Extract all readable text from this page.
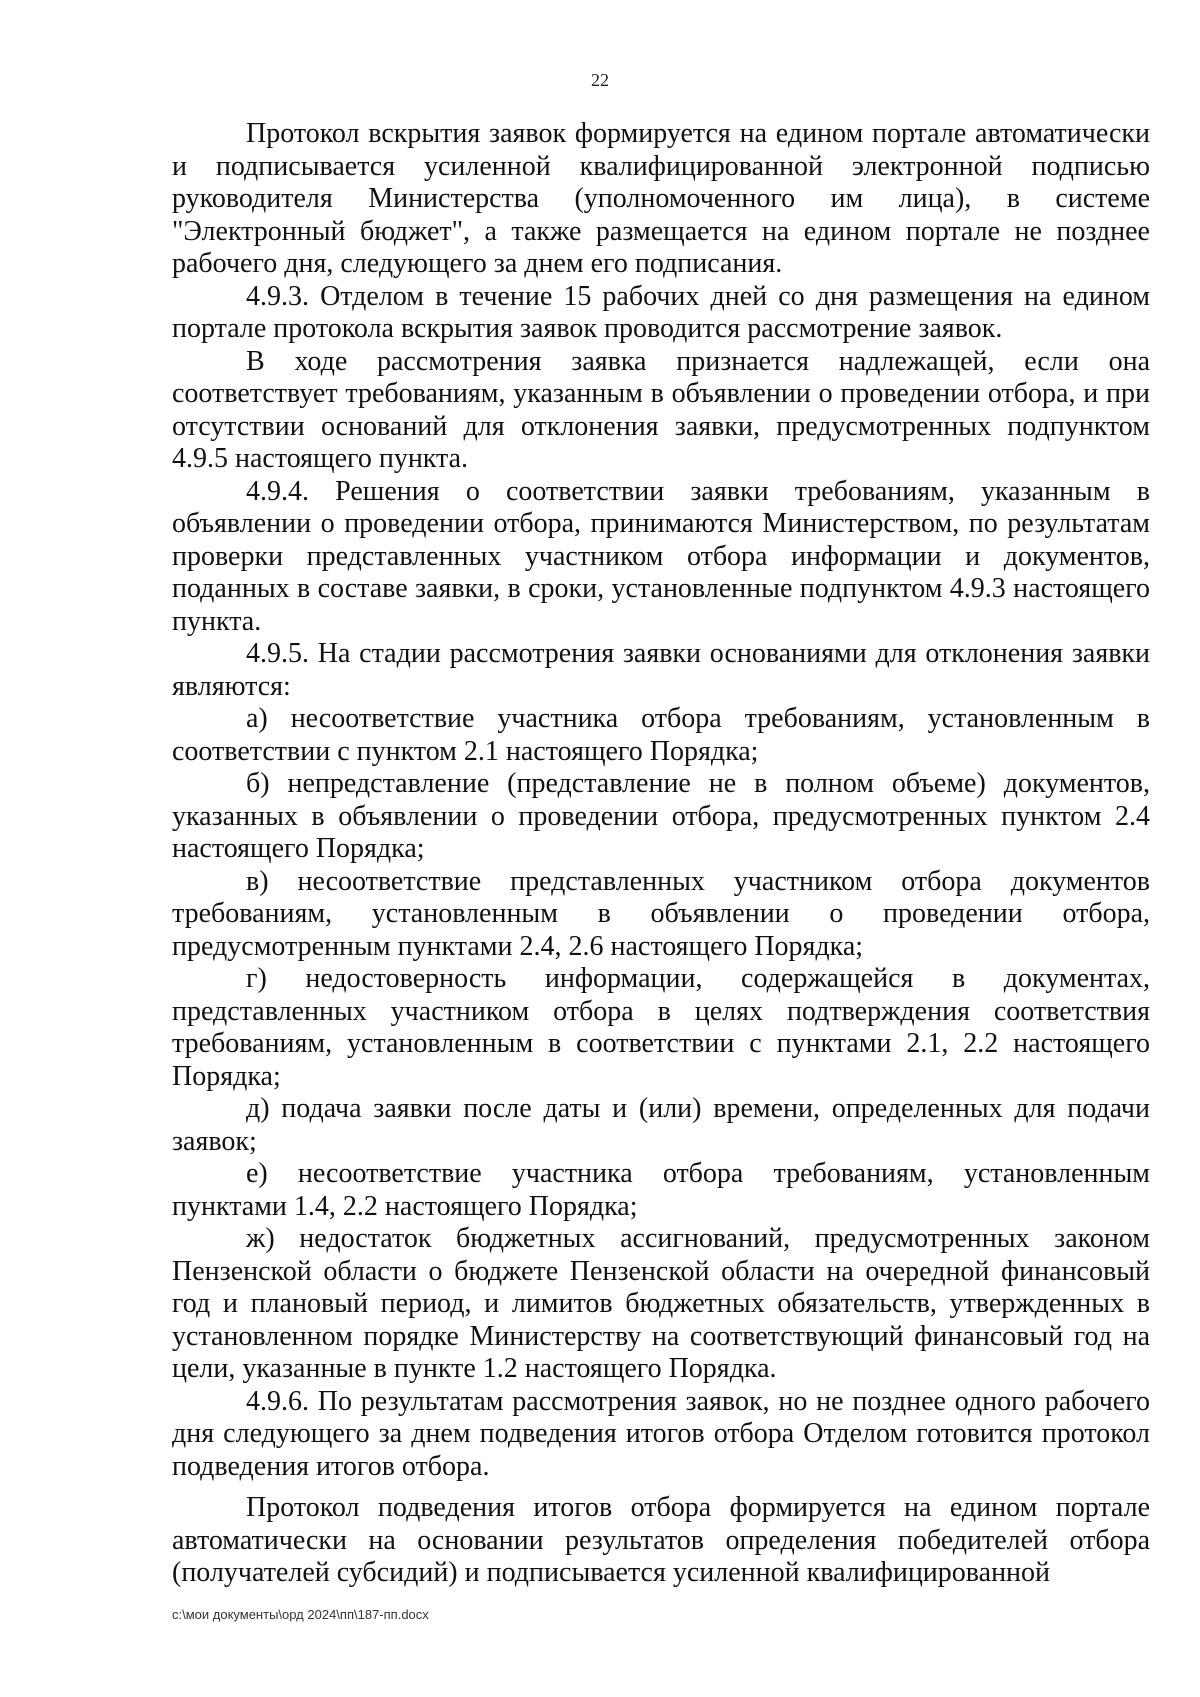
22

Протокол вскрытия заявок формируется на едином портале автоматически и подписывается усиленной квалифицированной электронной подписью руководителя Министерства (уполномоченного им лица), в системе "Электронный бюджет", а также размещается на едином портале не позднее рабочего дня, следующего за днем его подписания.

4.9.3. Отделом в течение 15 рабочих дней со дня размещения на едином портале протокола вскрытия заявок проводится рассмотрение заявок.

В ходе рассмотрения заявка признается надлежащей, если она соответствует требованиям, указанным в объявлении о проведении отбора, и при отсутствии оснований для отклонения заявки, предусмотренных подпунктом 4.9.5 настоящего пункта.

4.9.4. Решения о соответствии заявки требованиям, указанным в объявлении о проведении отбора, принимаются Министерством, по результатам проверки представленных участником отбора информации и документов, поданных в составе заявки, в сроки, установленные подпунктом 4.9.3 настоящего пункта.

4.9.5. На стадии рассмотрения заявки основаниями для отклонения заявки являются:

а) несоответствие участника отбора требованиям, установленным в соответствии с пунктом 2.1 настоящего Порядка;

б) непредставление (представление не в полном объеме) документов, указанных в объявлении о проведении отбора, предусмотренных пунктом 2.4 настоящего Порядка;

в) несоответствие представленных участником отбора документов требованиям, установленным в объявлении о проведении отбора, предусмотренным пунктами 2.4, 2.6 настоящего Порядка;

г) недостоверность информации, содержащейся в документах, представленных участником отбора в целях подтверждения соответствия требованиям, установленным в соответствии с пунктами 2.1, 2.2 настоящего Порядка;

д) подача заявки после даты и (или) времени, определенных для подачи заявок;

е) несоответствие участника отбора требованиям, установленным пунктами 1.4, 2.2 настоящего Порядка;

ж) недостаток бюджетных ассигнований, предусмотренных законом Пензенской области о бюджете Пензенской области на очередной финансовый год и плановый период, и лимитов бюджетных обязательств, утвержденных в установленном порядке Министерству на соответствующий финансовый год на цели, указанные в пункте 1.2 настоящего Порядка.

4.9.6. По результатам рассмотрения заявок, но не позднее одного рабочего дня следующего за днем подведения итогов отбора Отделом готовится протокол подведения итогов отбора.

Протокол подведения итогов отбора формируется на едином портале автоматически на основании результатов определения победителей отбора (получателей субсидий) и подписывается усиленной квалифицированной

c:\мои документы\орд 2024\пп\187-пп.docx
